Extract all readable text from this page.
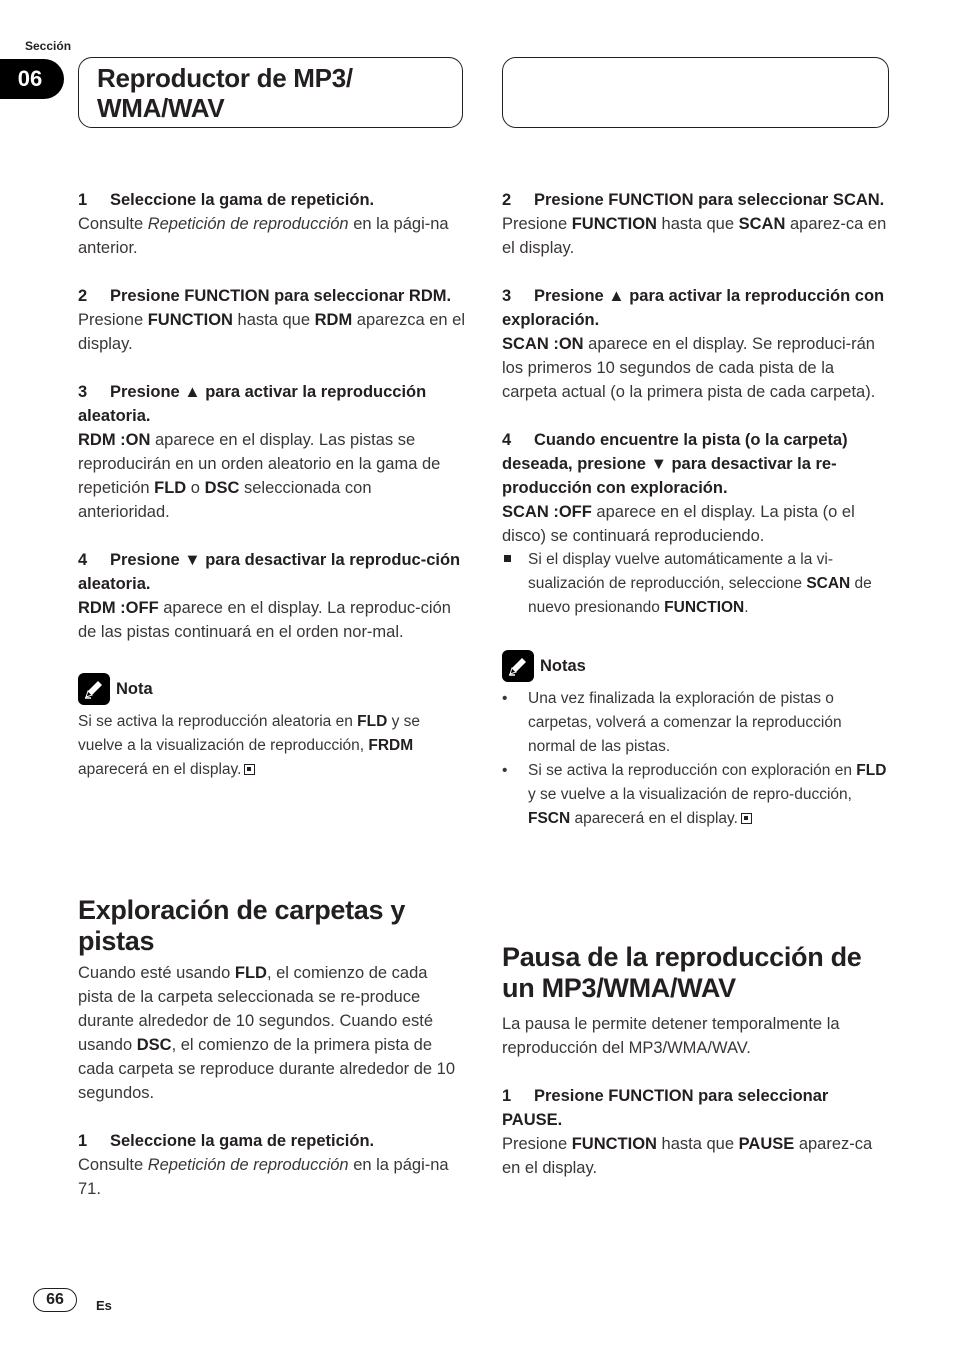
Sección
06	Reproductor de MP3/
WMA/WAV

1 Seleccione la gama de repetición.

Consulte Repetición de reproducción en la pági-na anterior.

2 Presione FUNCTION para seleccionar RDM.

Presione FUNCTION hasta que RDM aparezca en el display.

3 Presione ▲ para activar la reproducción aleatoria.

RDM :ON aparece en el display. Las pistas se reproducirán en un orden aleatorio en la gama de repetición FLD o DSC seleccionada con anterioridad.

4 Presione ▼ para desactivar la reproduc-ción aleatoria.

RDM :OFF aparece en el display. La reproduc-ción de las pistas continuará en el orden nor-mal.

Nota

Si se activa la reproducción aleatoria en FLD y se vuelve a la visualización de reproducción, FRDM aparecerá en el display.

Exploración de carpetas y pistas

Cuando esté usando FLD, el comienzo de cada pista de la carpeta seleccionada se re-produce durante alrededor de 10 segundos. Cuando esté usando DSC, el comienzo de la primera pista de cada carpeta se reproduce durante alrededor de 10 segundos.

1 Seleccione la gama de repetición.

Consulte Repetición de reproducción en la pági-na 71.

2 Presione FUNCTION para seleccionar SCAN.

Presione FUNCTION hasta que SCAN aparez-ca en el display.

3 Presione ▲ para activar la reproducción con exploración.

SCAN :ON aparece en el display. Se reproduci-rán los primeros 10 segundos de cada pista de la carpeta actual (o la primera pista de cada carpeta).

4 Cuando encuentre la pista (o la carpeta) deseada, presione ▼ para desactivar la re-producción con exploración.

SCAN :OFF aparece en el display. La pista (o el disco) se continuará reproduciendo.

Si el display vuelve automáticamente a la vi-sualización de reproducción, seleccione SCAN de nuevo presionando FUNCTION.
Notas
•	Una vez finalizada la exploración de pistas o carpetas, volverá a comenzar la reproducción normal de las pistas.
•	Si se activa la reproducción con exploración en FLD y se vuelve a la visualización de repro-ducción, FSCN aparecerá en el display.
Pausa de la reproducción de un MP3/WMA/WAV

La pausa le permite detener temporalmente la reproducción del MP3/WMA/WAV.

1 Presione FUNCTION para seleccionar PAUSE.

Presione FUNCTION hasta que PAUSE aparez-ca en el display.

66	Es
